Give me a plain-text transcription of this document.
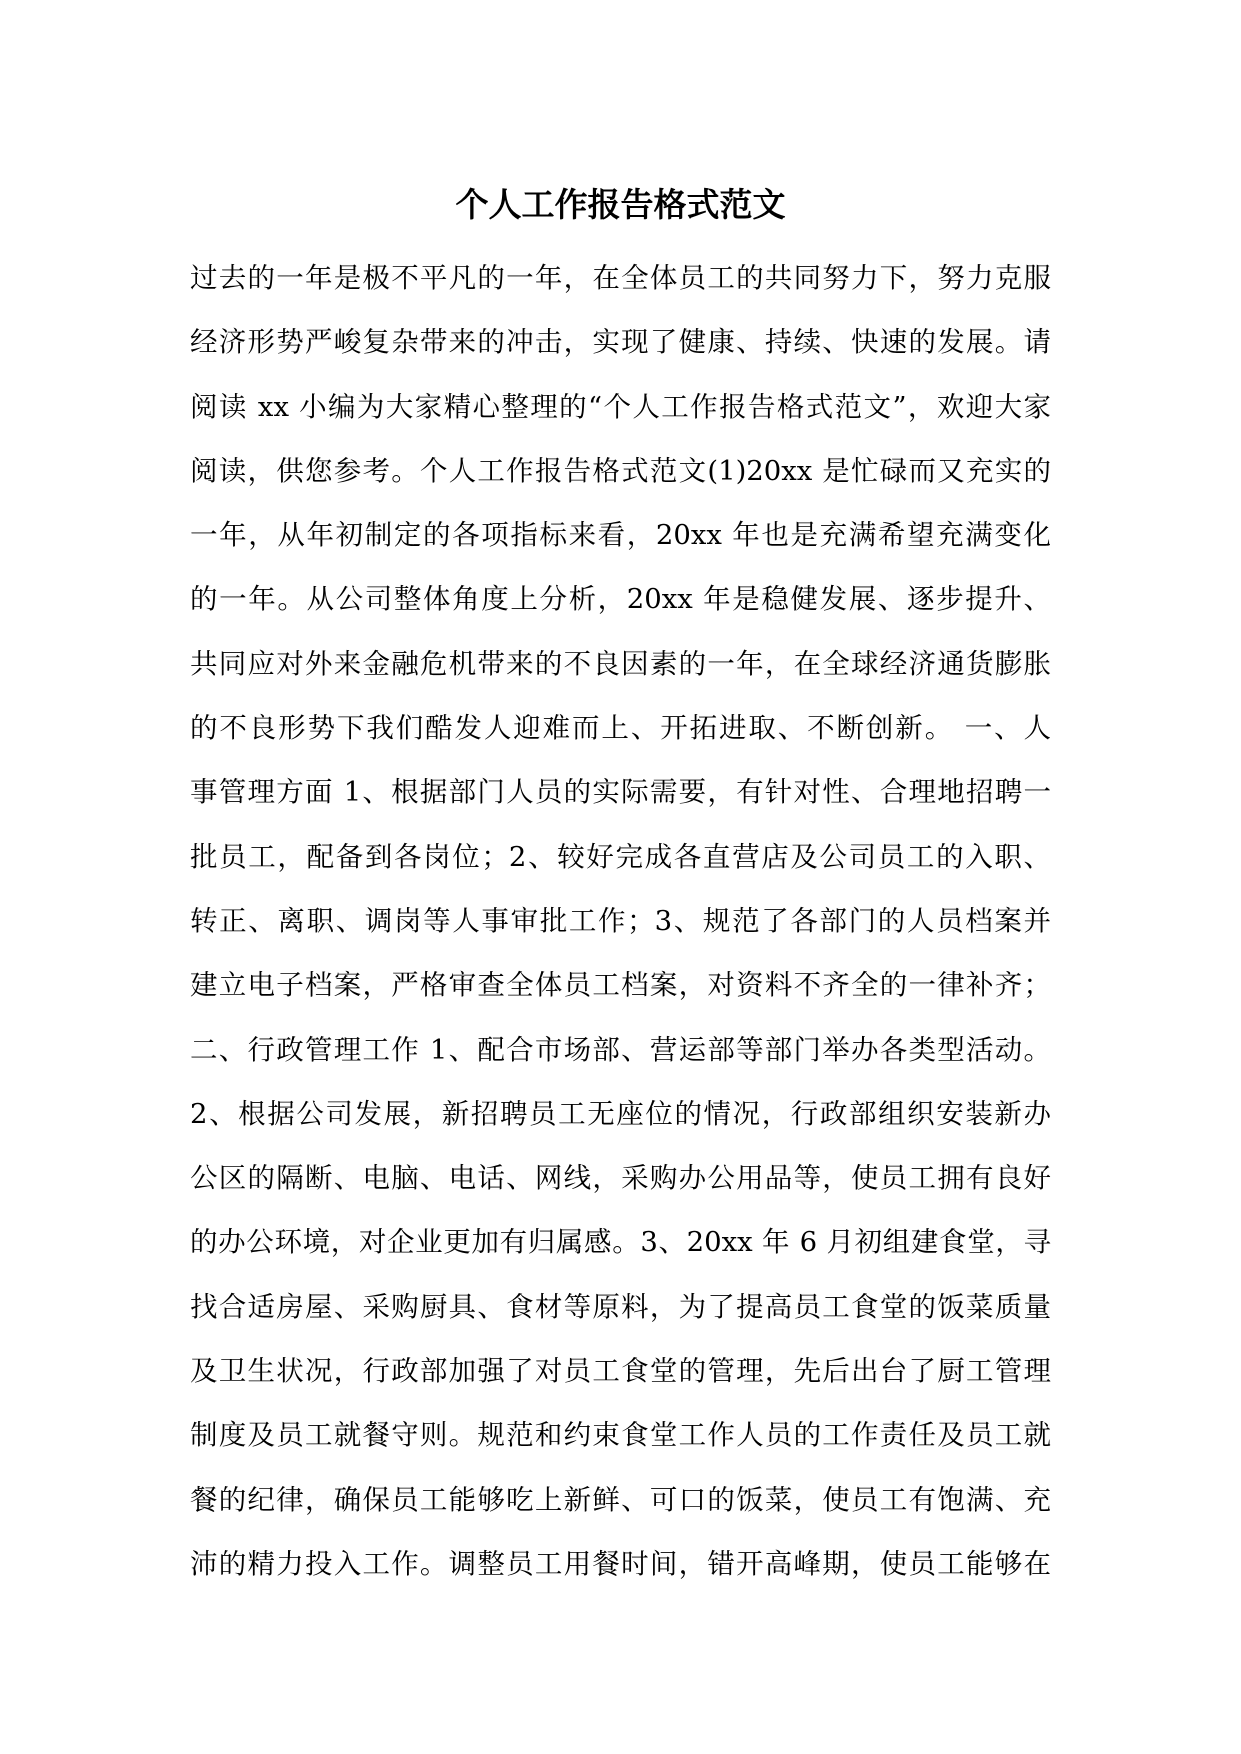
个人工作报告格式范文
过去的一年是极不平凡的一年，在全体员工的共同努力下，努力克服
经济形势严峻复杂带来的冲击，实现了健康、持续、快速的发展。请
阅读 xx 小编为大家精心整理的“个人工作报告格式范文”，欢迎大家
阅读，供您参考。个人工作报告格式范文(1)20xx 是忙碌而又充实的
一年，从年初制定的各项指标来看，20xx 年也是充满希望充满变化
的一年。从公司整体角度上分析，20xx 年是稳健发展、逐步提升、
共同应对外来金融危机带来的不良因素的一年，在全球经济通货膨胀
的不良形势下我们酷发人迎难而上、开拓进取、不断创新。 一、人
事管理方面 1、根据部门人员的实际需要，有针对性、合理地招聘一
批员工，配备到各岗位；2、较好完成各直营店及公司员工的入职、
转正、离职、调岗等人事审批工作；3、规范了各部门的人员档案并
建立电子档案，严格审查全体员工档案，对资料不齐全的一律补齐；
二、行政管理工作 1、配合市场部、营运部等部门举办各类型活动。
2、根据公司发展，新招聘员工无座位的情况，行政部组织安装新办
公区的隔断、电脑、电话、网线，采购办公用品等，使员工拥有良好
的办公环境，对企业更加有归属感。3、20xx 年 6 月初组建食堂，寻
找合适房屋、采购厨具、食材等原料，为了提高员工食堂的饭菜质量
及卫生状况，行政部加强了对员工食堂的管理，先后出台了厨工管理
制度及员工就餐守则。规范和约束食堂工作人员的工作责任及员工就
餐的纪律，确保员工能够吃上新鲜、可口的饭菜，使员工有饱满、充
沛的精力投入工作。调整员工用餐时间，错开高峰期，使员工能够在
